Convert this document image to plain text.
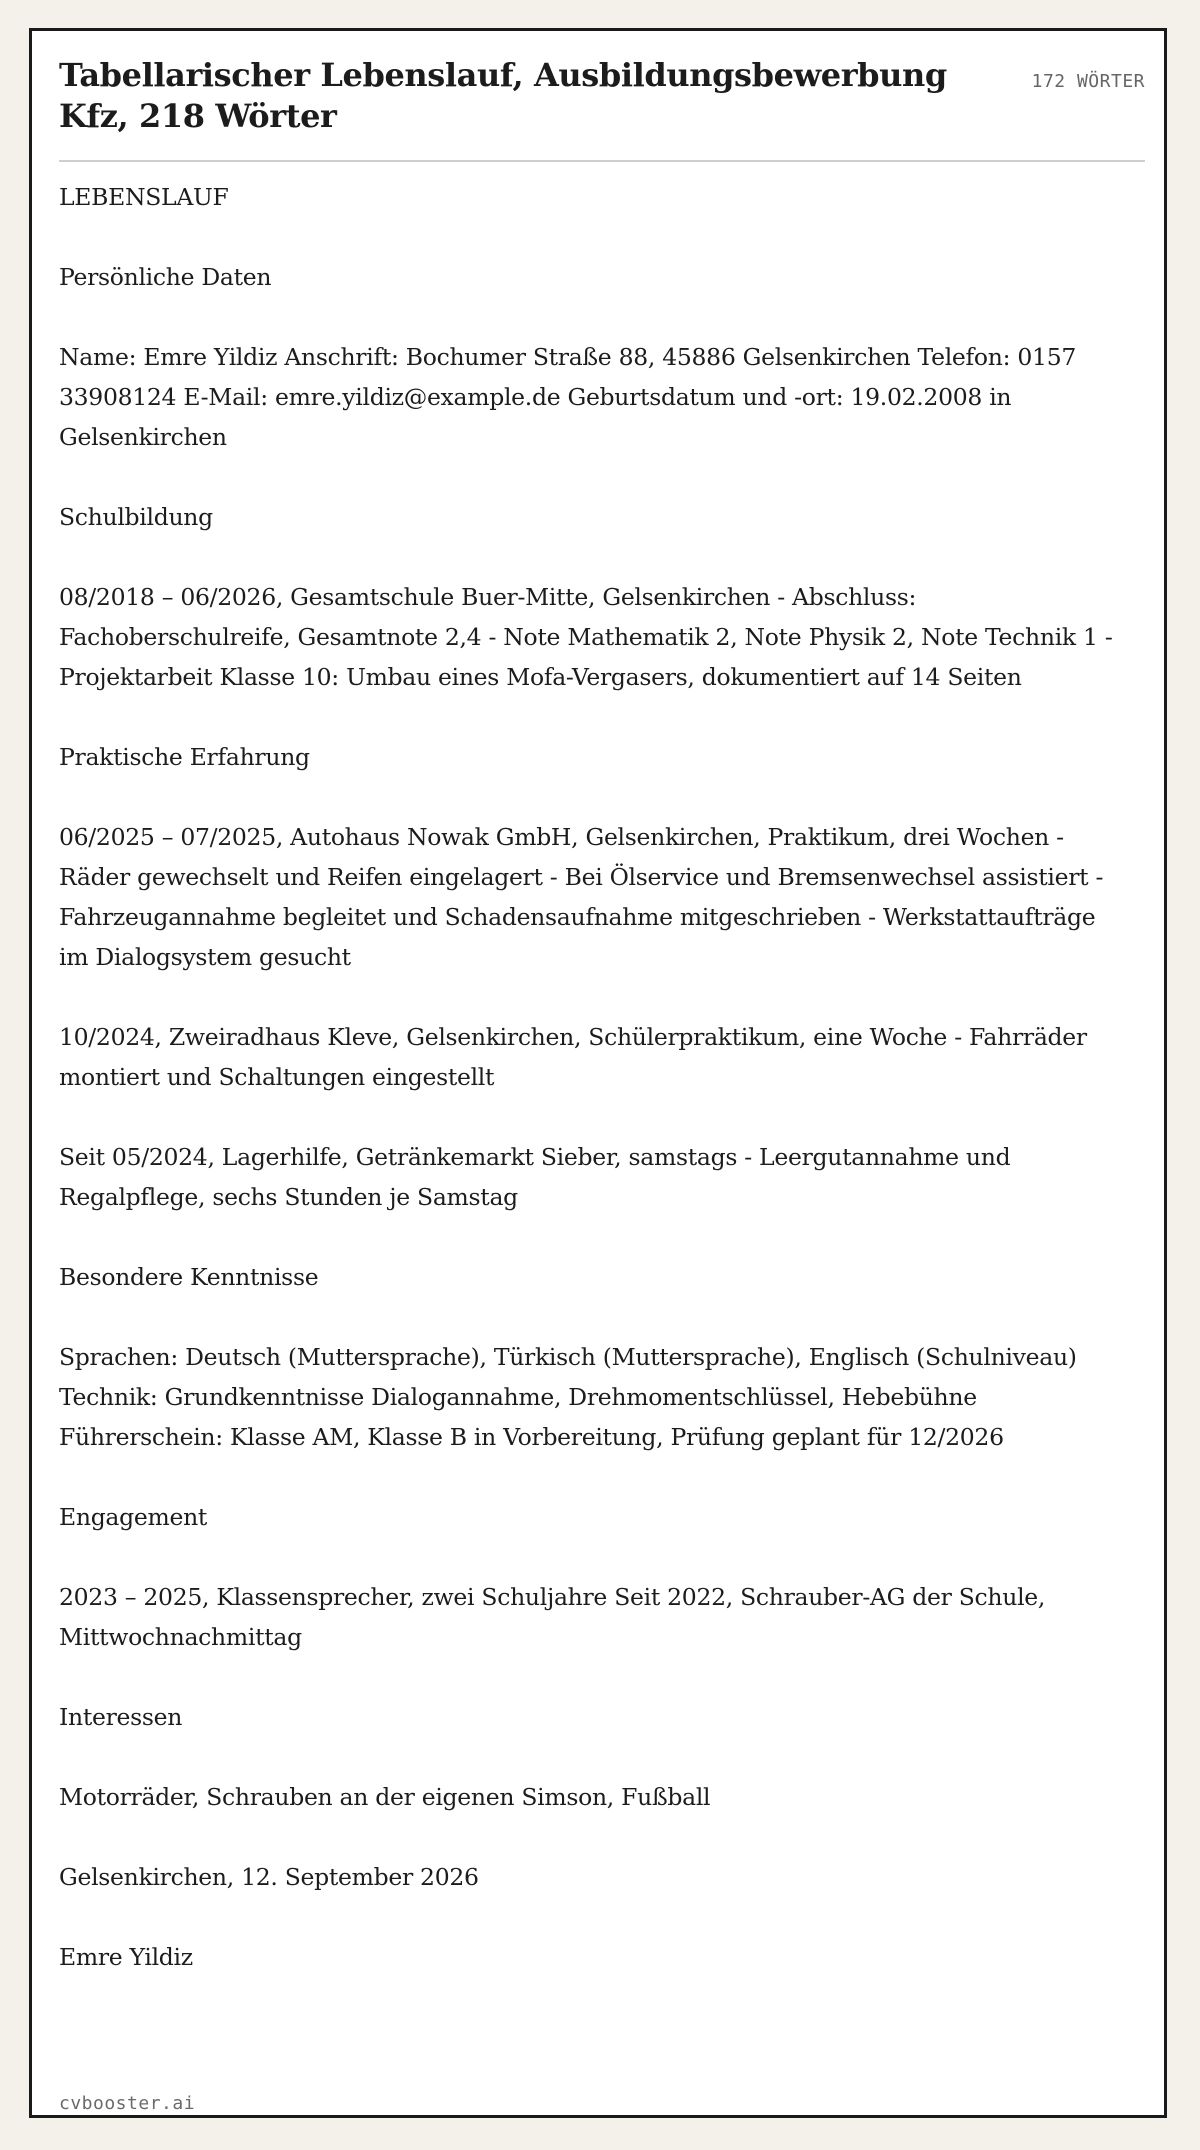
Tabellarischer Lebenslauf, Ausbildungsbewerbung Kfz, 218 Wörter
172 WÖRTER

LEBENSLAUF

Persönliche Daten

Name: Emre Yildiz Anschrift: Bochumer Straße 88, 45886 Gelsenkirchen Telefon: 0157 33908124 E-Mail: emre.yildiz@example.de Geburtsdatum und -ort: 19.02.2008 in Gelsenkirchen

Schulbildung

08/2018 – 06/2026, Gesamtschule Buer-Mitte, Gelsenkirchen - Abschluss: Fachoberschulreife, Gesamtnote 2,4 - Note Mathematik 2, Note Physik 2, Note Technik 1 - Projektarbeit Klasse 10: Umbau eines Mofa-Vergasers, dokumentiert auf 14 Seiten

Praktische Erfahrung

06/2025 – 07/2025, Autohaus Nowak GmbH, Gelsenkirchen, Praktikum, drei Wochen - Räder gewechselt und Reifen eingelagert - Bei Ölservice und Bremsenwechsel assistiert - Fahrzeugannahme begleitet und Schadensaufnahme mitgeschrieben - Werkstattaufträge im Dialogsystem gesucht

10/2024, Zweiradhaus Kleve, Gelsenkirchen, Schülerpraktikum, eine Woche - Fahrräder montiert und Schaltungen eingestellt

Seit 05/2024, Lagerhilfe, Getränkemarkt Sieber, samstags - Leergutannahme und Regalpflege, sechs Stunden je Samstag

Besondere Kenntnisse

Sprachen: Deutsch (Muttersprache), Türkisch (Muttersprache), Englisch (Schulniveau) Technik: Grundkenntnisse Dialogannahme, Drehmomentschlüssel, Hebebühne Führerschein: Klasse AM, Klasse B in Vorbereitung, Prüfung geplant für 12/2026

Engagement

2023 – 2025, Klassensprecher, zwei Schuljahre Seit 2022, Schrauber-AG der Schule, Mittwochnachmittag

Interessen

Motorräder, Schrauben an der eigenen Simson, Fußball

Gelsenkirchen, 12. September 2026

Emre Yildiz

cvbooster.ai
